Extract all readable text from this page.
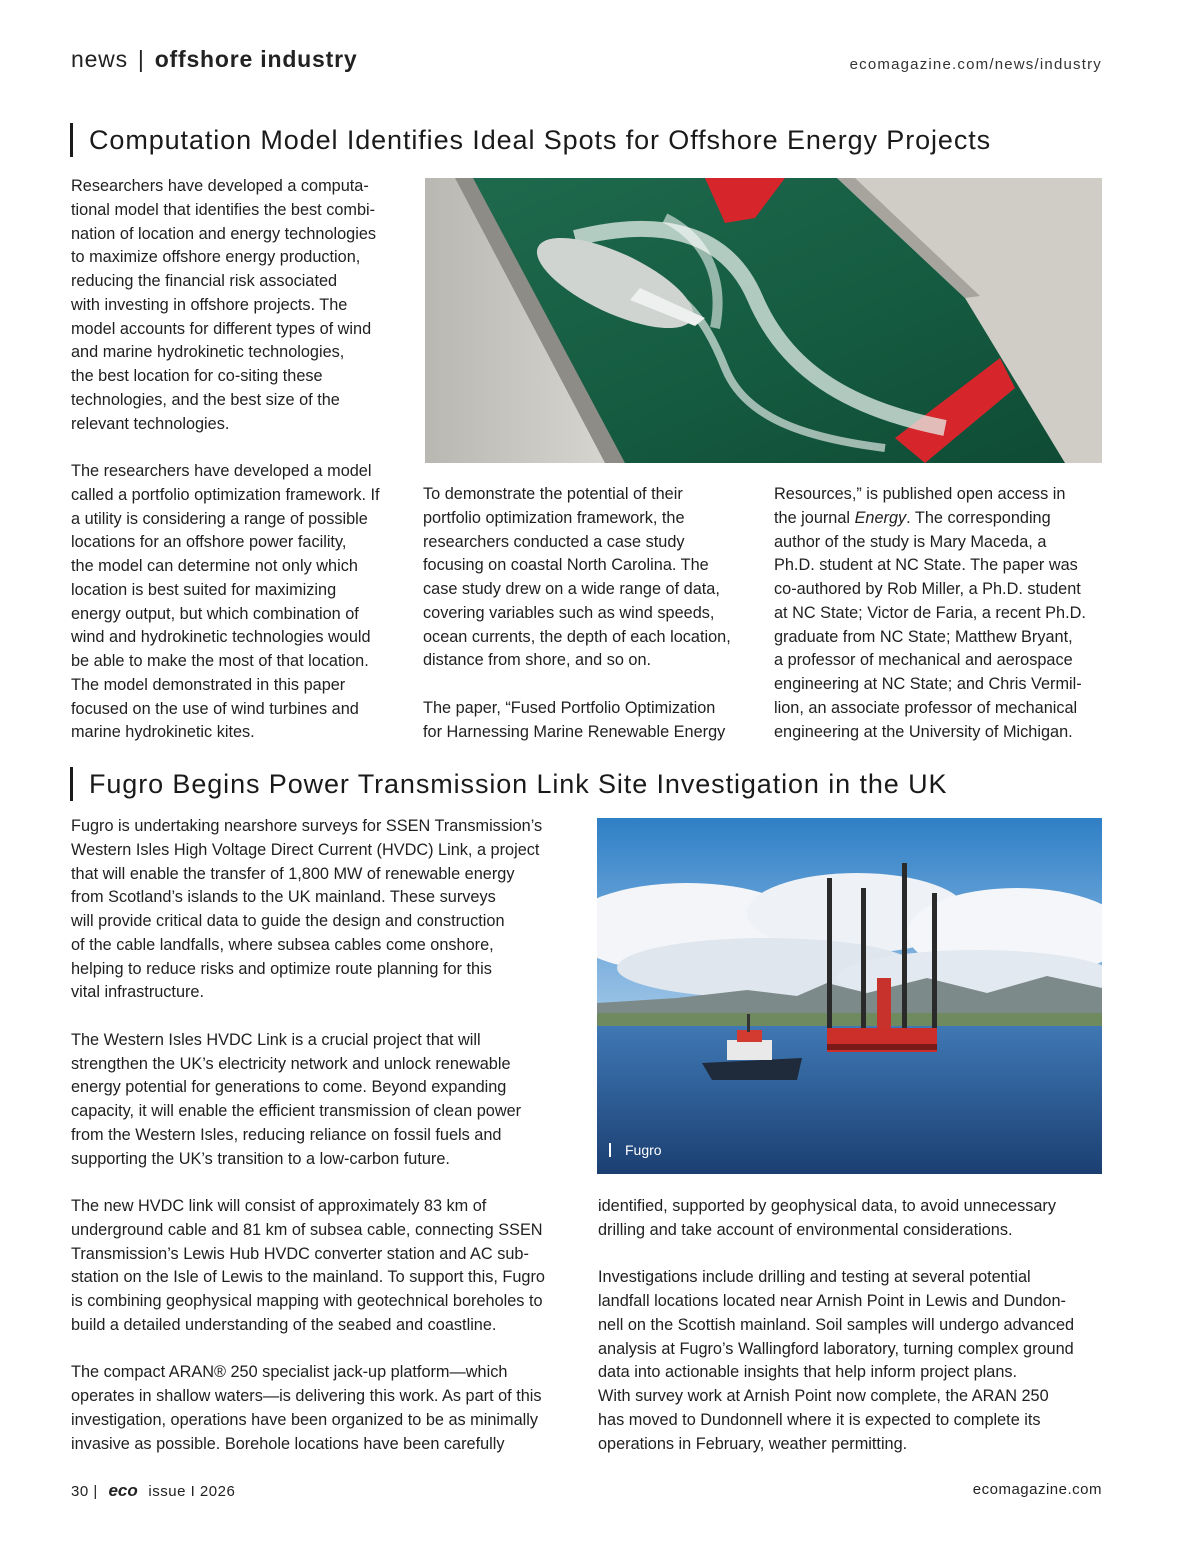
news | offshore industry	ecomagazine.com/news/industry
Computation Model Identifies Ideal Spots for Offshore Energy Projects

Researchers have developed a computa-
tional model that identifies the best combi-
nation of location and energy technologies
to maximize offshore energy production,
reducing the financial risk associated
with investing in offshore projects. The
model accounts for different types of wind
and marine hydrokinetic technologies,
the best location for co-siting these
technologies, and the best size of the
relevant technologies.

The researchers have developed a model
called a portfolio optimization framework. If
a utility is considering a range of possible
locations for an offshore power facility,
the model can determine not only which
location is best suited for maximizing
energy output, but which combination of
wind and hydrokinetic technologies would
be able to make the most of that location.
The model demonstrated in this paper
focused on the use of wind turbines and
marine hydrokinetic kites.

To demonstrate the potential of their
portfolio optimization framework, the
researchers conducted a case study
focusing on coastal North Carolina. The
case study drew on a wide range of data,
covering variables such as wind speeds,
ocean currents, the depth of each location,
distance from shore, and so on.

The paper, “Fused Portfolio Optimization
for Harnessing Marine Renewable Energy

Resources,” is published open access in
the journal Energy. The corresponding
author of the study is Mary Maceda, a
Ph.D. student at NC State. The paper was
co-authored by Rob Miller, a Ph.D. student
at NC State; Victor de Faria, a recent Ph.D.
graduate from NC State; Matthew Bryant,
a professor of mechanical and aerospace
engineering at NC State; and Chris Vermil-
lion, an associate professor of mechanical
engineering at the University of Michigan.

Fugro Begins Power Transmission Link Site Investigation in the UK

Fugro is undertaking nearshore surveys for SSEN Transmission’s
Western Isles High Voltage Direct Current (HVDC) Link, a project
that will enable the transfer of 1,800 MW of renewable energy
from Scotland’s islands to the UK mainland. These surveys
will provide critical data to guide the design and construction
of the cable landfalls, where subsea cables come onshore,
helping to reduce risks and optimize route planning for this
vital infrastructure.

The Western Isles HVDC Link is a crucial project that will
strengthen the UK’s electricity network and unlock renewable
energy potential for generations to come. Beyond expanding
capacity, it will enable the efficient transmission of clean power
from the Western Isles, reducing reliance on fossil fuels and
supporting the UK’s transition to a low-carbon future.

The new HVDC link will consist of approximately 83 km of
underground cable and 81 km of subsea cable, connecting SSEN
Transmission’s Lewis Hub HVDC converter station and AC sub-
station on the Isle of Lewis to the mainland. To support this, Fugro
is combining geophysical mapping with geotechnical boreholes to
build a detailed understanding of the seabed and coastline.

The compact ARAN® 250 specialist jack-up platform—which
operates in shallow waters—is delivering this work. As part of this
investigation, operations have been organized to be as minimally
invasive as possible. Borehole locations have been carefully

Fugro

identified, supported by geophysical data, to avoid unnecessary
drilling and take account of environmental considerations.

Investigations include drilling and testing at several potential
landfall locations located near Arnish Point in Lewis and Dundon-
nell on the Scottish mainland. Soil samples will undergo advanced
analysis at Fugro’s Wallingford laboratory, turning complex ground
data into actionable insights that help inform project plans.
With survey work at Arnish Point now complete, the ARAN 250
has moved to Dundonnell where it is expected to complete its
operations in February, weather permitting.

30 | eco issue I 2026	ecomagazine.com
